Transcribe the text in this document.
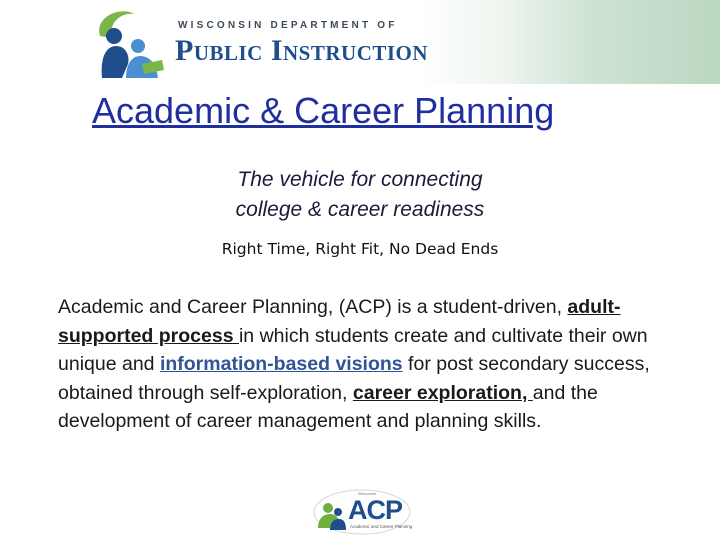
WISCONSIN DEPARTMENT OF
Public Instruction
Academic & Career Planning
The vehicle for connecting
college & career readiness
Right Time, Right Fit, No Dead Ends
Academic and Career Planning, (ACP) is a student-driven, adult-supported process in which students create and cultivate their own unique and information-based visions for post secondary success, obtained through self-exploration, career exploration, and the development of career management and planning skills.
Wisconsin
ACP
Academic and Career Planning
